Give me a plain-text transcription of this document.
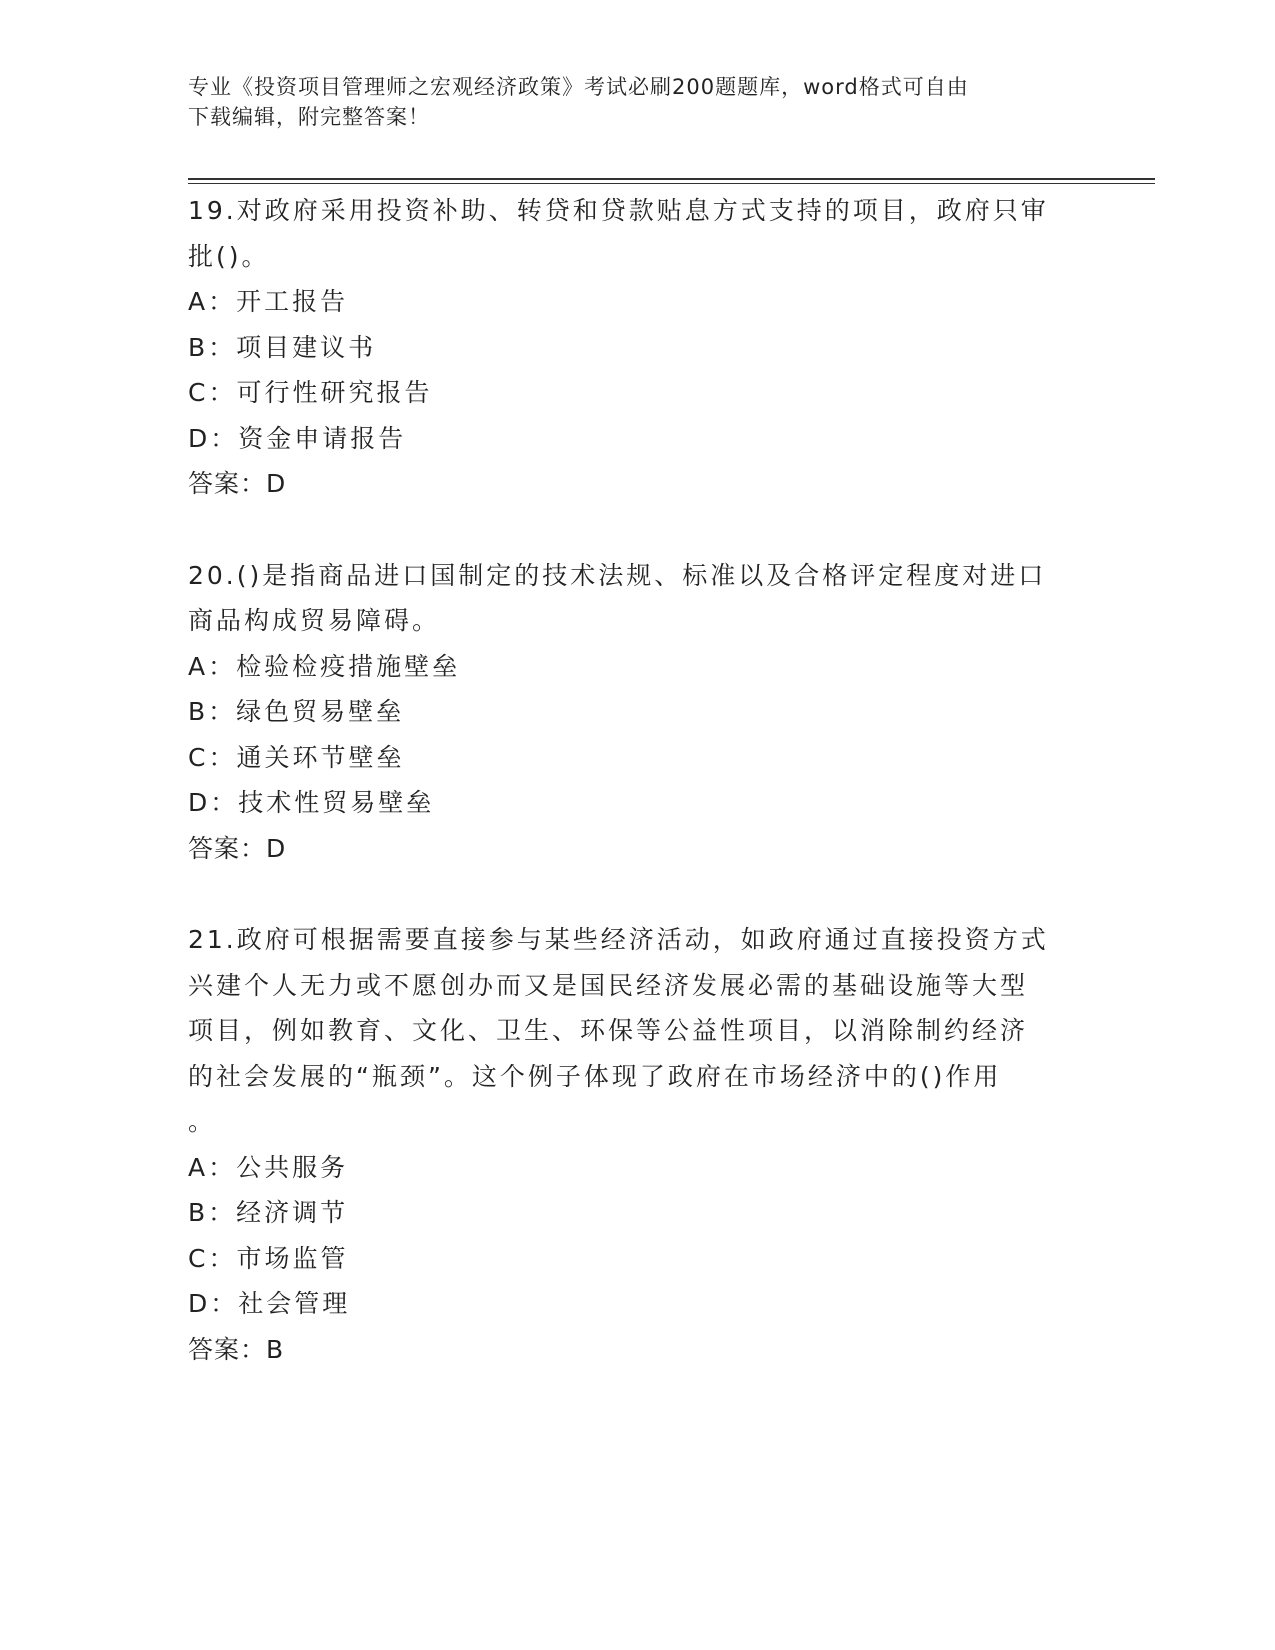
专业《投资项目管理师之宏观经济政策》考试必刷200题题库，word格式可自由
下载编辑，附完整答案！

19.对政府采用投资补助、转贷和贷款贴息方式支持的项目，政府只审
批()。

A：开工报告

B：项目建议书

C：可行性研究报告

D：资金申请报告

答案：D

20.()是指商品进口国制定的技术法规、标准以及合格评定程度对进口
商品构成贸易障碍。

A：检验检疫措施壁垒

B：绿色贸易壁垒

C：通关环节壁垒

D：技术性贸易壁垒

答案：D

21.政府可根据需要直接参与某些经济活动，如政府通过直接投资方式
兴建个人无力或不愿创办而又是国民经济发展必需的基础设施等大型
项目，例如教育、文化、卫生、环保等公益性项目，以消除制约经济
的社会发展的“瓶颈”。这个例子体现了政府在市场经济中的()作用
。

A：公共服务

B：经济调节

C：市场监管

D：社会管理

答案：B
